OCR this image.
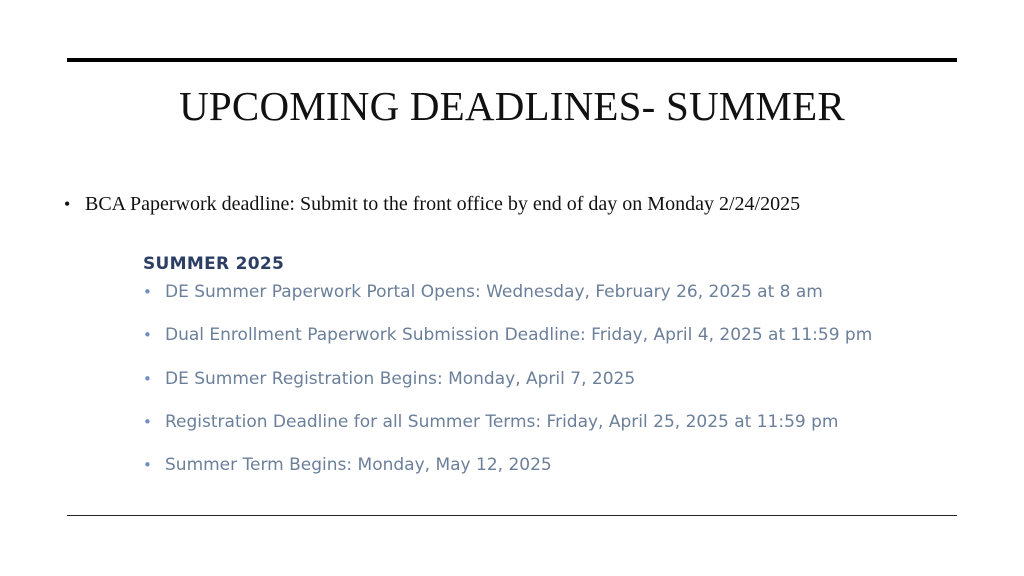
UPCOMING DEADLINES- SUMMER
• BCA Paperwork deadline: Submit to the front office by end of day on Monday 2/24/2025
SUMMER 2025
• DE Summer Paperwork Portal Opens: Wednesday, February 26, 2025 at 8 am
• Dual Enrollment Paperwork Submission Deadline: Friday, April 4, 2025 at 11:59 pm
• DE Summer Registration Begins: Monday, April 7, 2025
• Registration Deadline for all Summer Terms: Friday, April 25, 2025 at 11:59 pm
• Summer Term Begins: Monday, May 12, 2025
